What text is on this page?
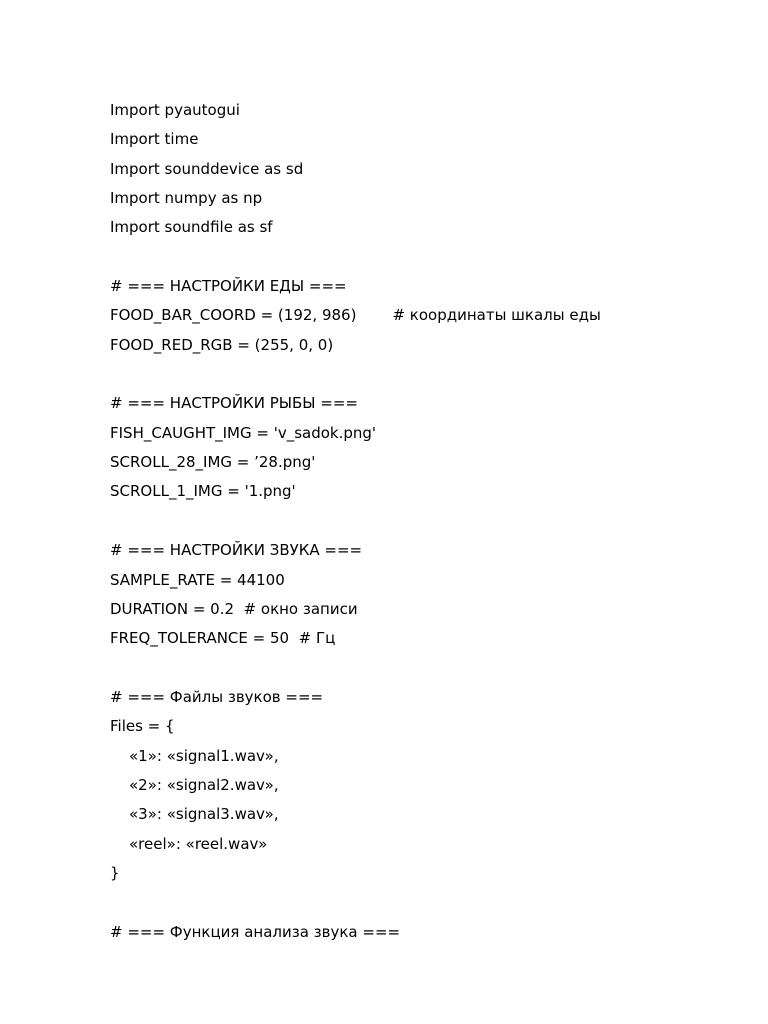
Import pyautogui
Import time
Import sounddevice as sd
Import numpy as np
Import soundfile as sf
# === НАСТРОЙКИ ЕДЫ ===
FOOD_BAR_COORD = (192, 986) # координаты шкалы еды
FOOD_RED_RGB = (255, 0, 0)
# === НАСТРОЙКИ РЫБЫ ===
FISH_CAUGHT_IMG = 'v_sadok.png'
SCROLL_28_IMG = ’28.png'
SCROLL_1_IMG = '1.png'
# === НАСТРОЙКИ ЗВУКА ===
SAMPLE_RATE = 44100
DURATION = 0.2  # окно записи
FREQ_TOLERANCE = 50  # Гц
# === Файлы звуков ===
Files = {
«1»: «signal1.wav»,
«2»: «signal2.wav»,
«3»: «signal3.wav»,
«reel»: «reel.wav»
}
# === Функция анализа звука ===
